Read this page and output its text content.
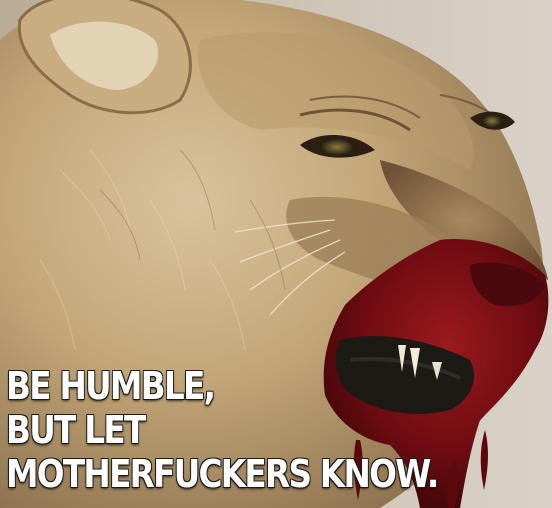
BE HUMBLE,
BUT LET
MOTHERFUCKERS KNOW.
